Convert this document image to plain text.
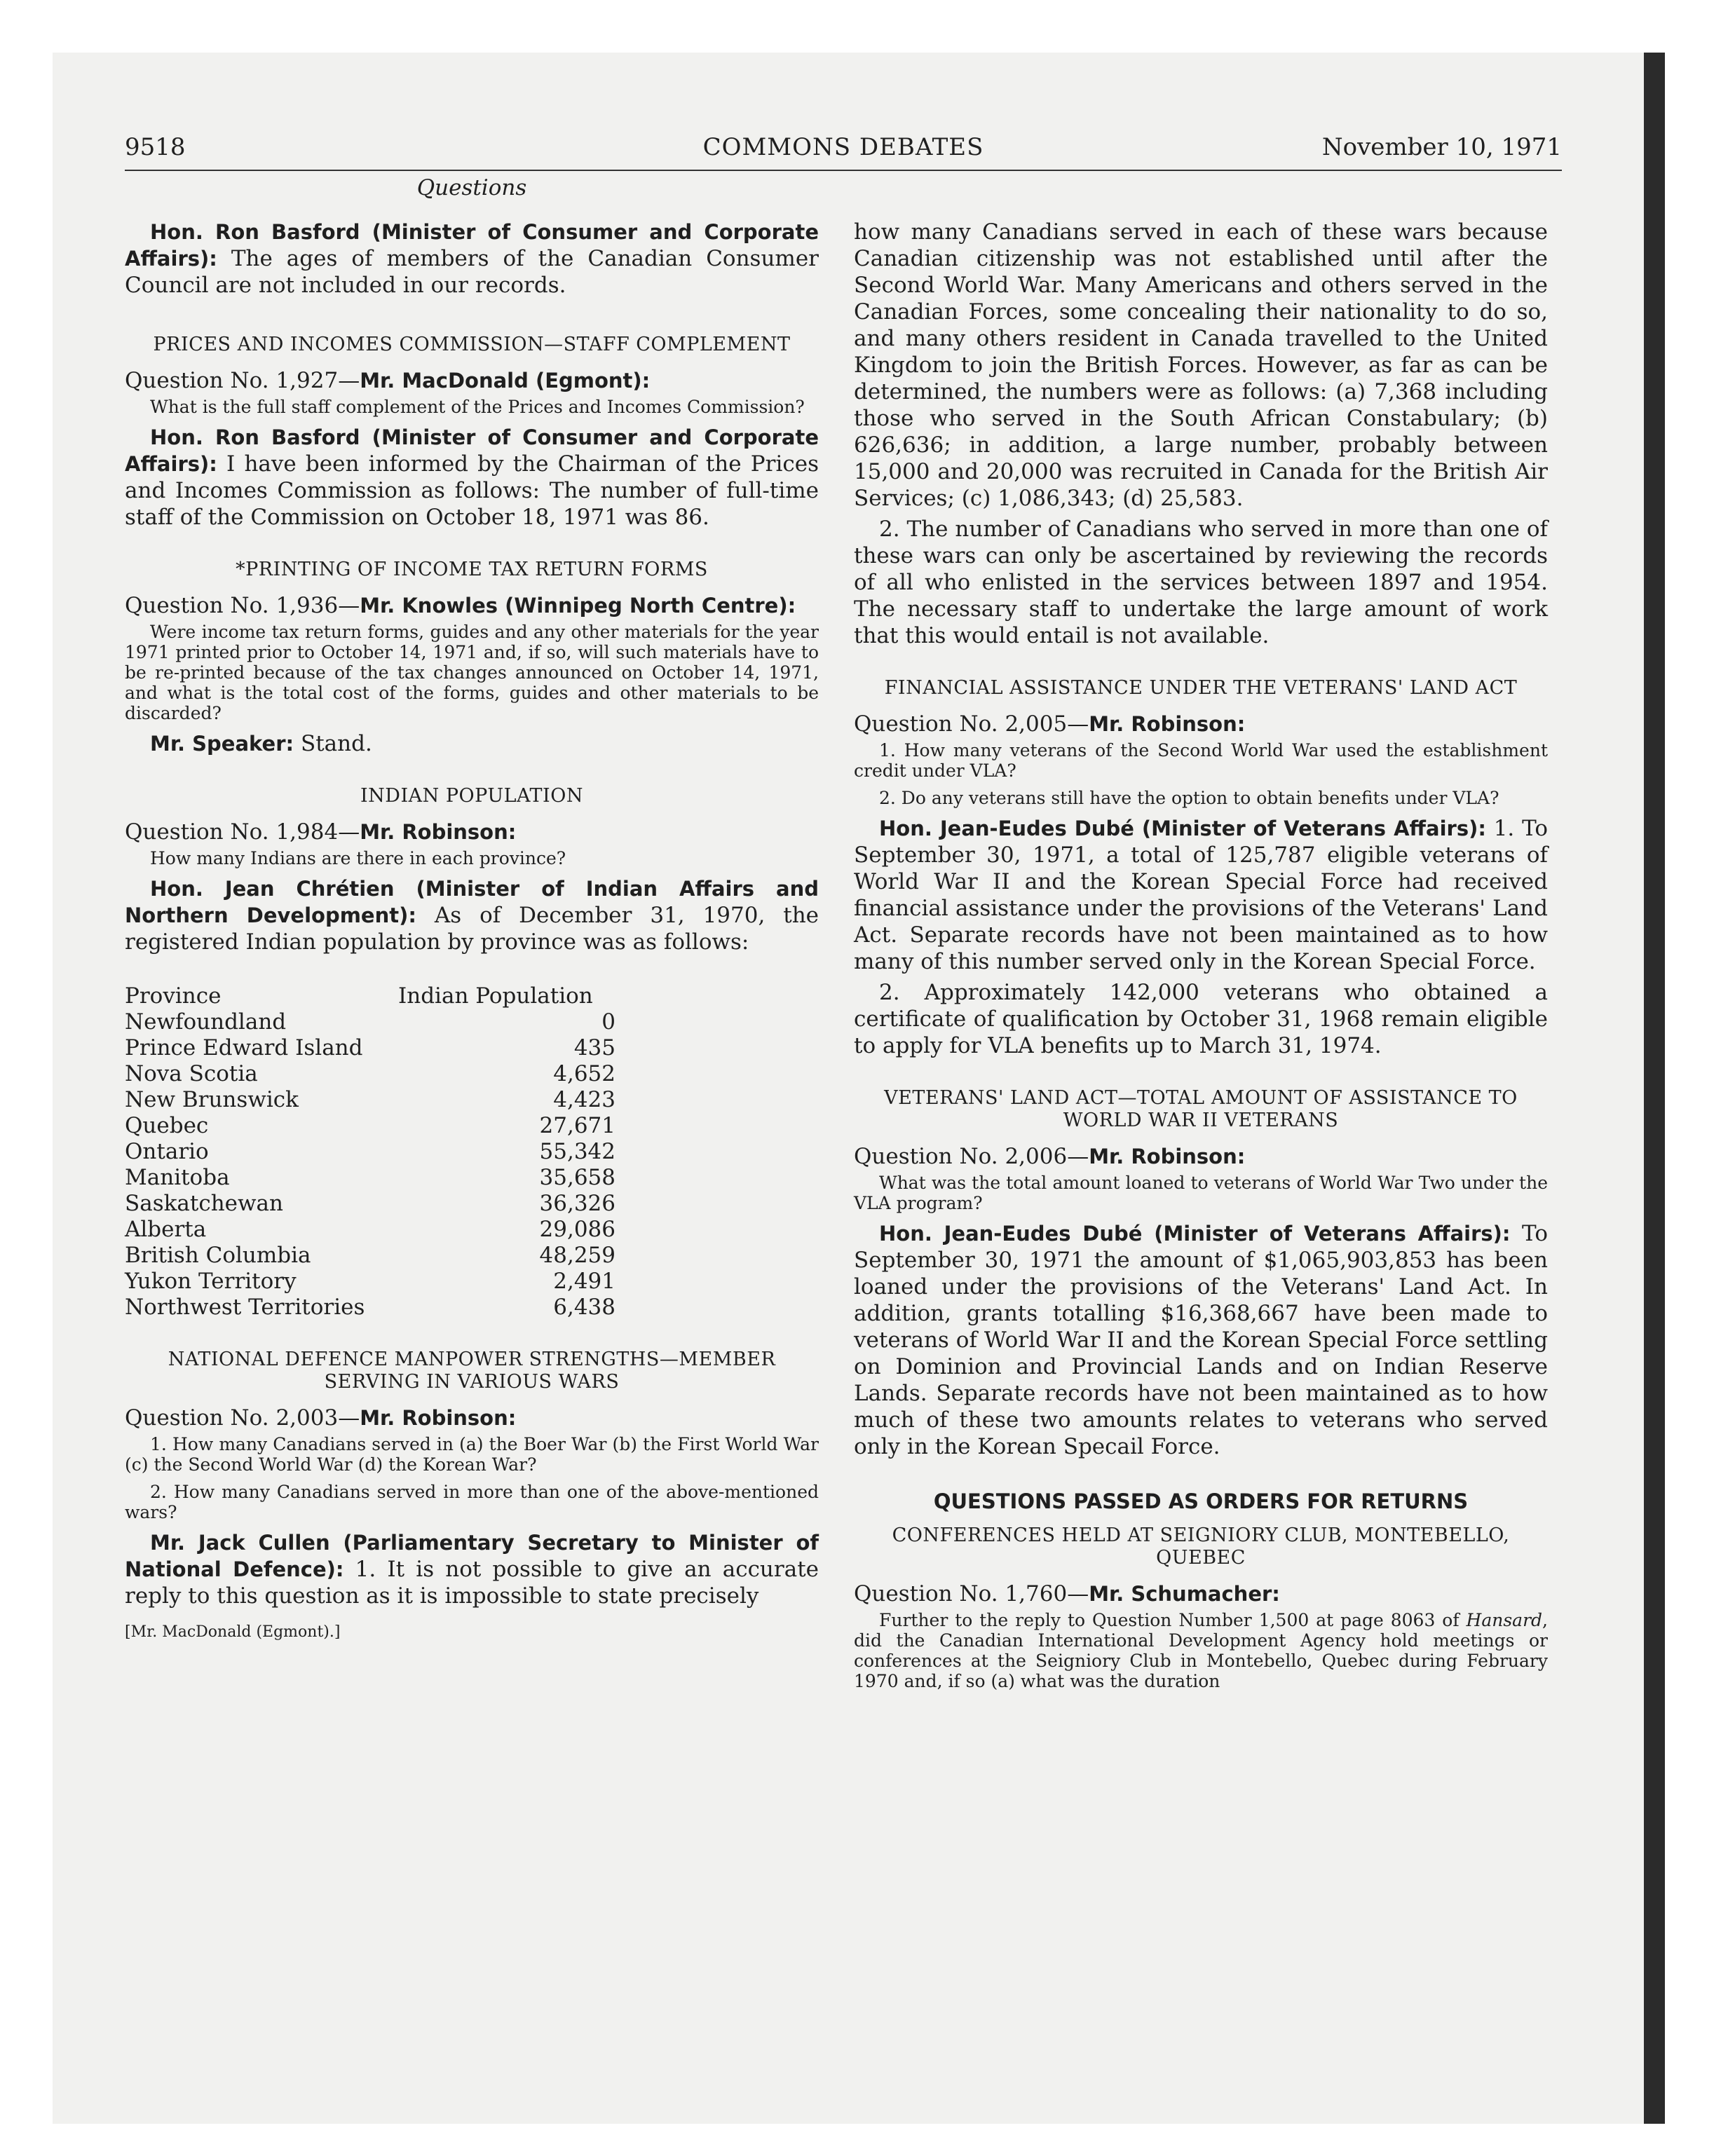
9518	COMMONS DEBATES	November 10, 1971
Questions

Hon. Ron Basford (Minister of Consumer and Corporate Affairs): The ages of members of the Canadian Consumer Council are not included in our records.

PRICES AND INCOMES COMMISSION—STAFF COMPLEMENT

Question No. 1,927—Mr. MacDonald (Egmont):

What is the full staff complement of the Prices and Incomes Commission?

Hon. Ron Basford (Minister of Consumer and Corporate Affairs): I have been informed by the Chairman of the Prices and Incomes Commission as follows: The number of full-time staff of the Commission on October 18, 1971 was 86.

*PRINTING OF INCOME TAX RETURN FORMS

Question No. 1,936—Mr. Knowles (Winnipeg North Centre):

Were income tax return forms, guides and any other materials for the year 1971 printed prior to October 14, 1971 and, if so, will such materials have to be re-printed because of the tax changes announced on October 14, 1971, and what is the total cost of the forms, guides and other materials to be discarded?

Mr. Speaker: Stand.

INDIAN POPULATION

Question No. 1,984—Mr. Robinson:

How many Indians are there in each province?

Hon. Jean Chrétien (Minister of Indian Affairs and Northern Development): As of December 31, 1970, the registered Indian population by province was as follows:

Province	Indian Population
Newfoundland	0
Prince Edward Island	435
Nova Scotia	4,652
New Brunswick	4,423
Quebec	27,671
Ontario	55,342
Manitoba	35,658
Saskatchewan	36,326
Alberta	29,086
British Columbia	48,259
Yukon Territory	2,491
Northwest Territories	6,438
NATIONAL DEFENCE MANPOWER STRENGTHS—MEMBER SERVING IN VARIOUS WARS

Question No. 2,003—Mr. Robinson:

1. How many Canadians served in (a) the Boer War (b) the First World War (c) the Second World War (d) the Korean War?

2. How many Canadians served in more than one of the above-mentioned wars?

Mr. Jack Cullen (Parliamentary Secretary to Minister of National Defence): 1. It is not possible to give an accurate reply to this question as it is impossible to state precisely

[Mr. MacDonald (Egmont).]

how many Canadians served in each of these wars because Canadian citizenship was not established until after the Second World War. Many Americans and others served in the Canadian Forces, some concealing their nationality to do so, and many others resident in Canada travelled to the United Kingdom to join the British Forces. However, as far as can be determined, the numbers were as follows: (a) 7,368 including those who served in the South African Constabulary; (b) 626,636; in addition, a large number, probably between 15,000 and 20,000 was recruited in Canada for the British Air Services; (c) 1,086,343; (d) 25,583.

2. The number of Canadians who served in more than one of these wars can only be ascertained by reviewing the records of all who enlisted in the services between 1897 and 1954. The necessary staff to undertake the large amount of work that this would entail is not available.

FINANCIAL ASSISTANCE UNDER THE VETERANS' LAND ACT

Question No. 2,005—Mr. Robinson:

1. How many veterans of the Second World War used the establishment credit under VLA?

2. Do any veterans still have the option to obtain benefits under VLA?

Hon. Jean-Eudes Dubé (Minister of Veterans Affairs): 1. To September 30, 1971, a total of 125,787 eligible veterans of World War II and the Korean Special Force had received financial assistance under the provisions of the Veterans' Land Act. Separate records have not been maintained as to how many of this number served only in the Korean Special Force.

2. Approximately 142,000 veterans who obtained a certificate of qualification by October 31, 1968 remain eligible to apply for VLA benefits up to March 31, 1974.

VETERANS' LAND ACT—TOTAL AMOUNT OF ASSISTANCE TO WORLD WAR II VETERANS

Question No. 2,006—Mr. Robinson:

What was the total amount loaned to veterans of World War Two under the VLA program?

Hon. Jean-Eudes Dubé (Minister of Veterans Affairs): To September 30, 1971 the amount of $1,065,903,853 has been loaned under the provisions of the Veterans' Land Act. In addition, grants totalling $16,368,667 have been made to veterans of World War II and the Korean Special Force settling on Dominion and Provincial Lands and on Indian Reserve Lands. Separate records have not been maintained as to how much of these two amounts relates to veterans who served only in the Korean Specail Force.

QUESTIONS PASSED AS ORDERS FOR RETURNS
CONFERENCES HELD AT SEIGNIORY CLUB, MONTEBELLO, QUEBEC

Question No. 1,760—Mr. Schumacher:

Further to the reply to Question Number 1,500 at page 8063 of Hansard, did the Canadian International Development Agency hold meetings or conferences at the Seigniory Club in Montebello, Quebec during February 1970 and, if so (a) what was the duration
